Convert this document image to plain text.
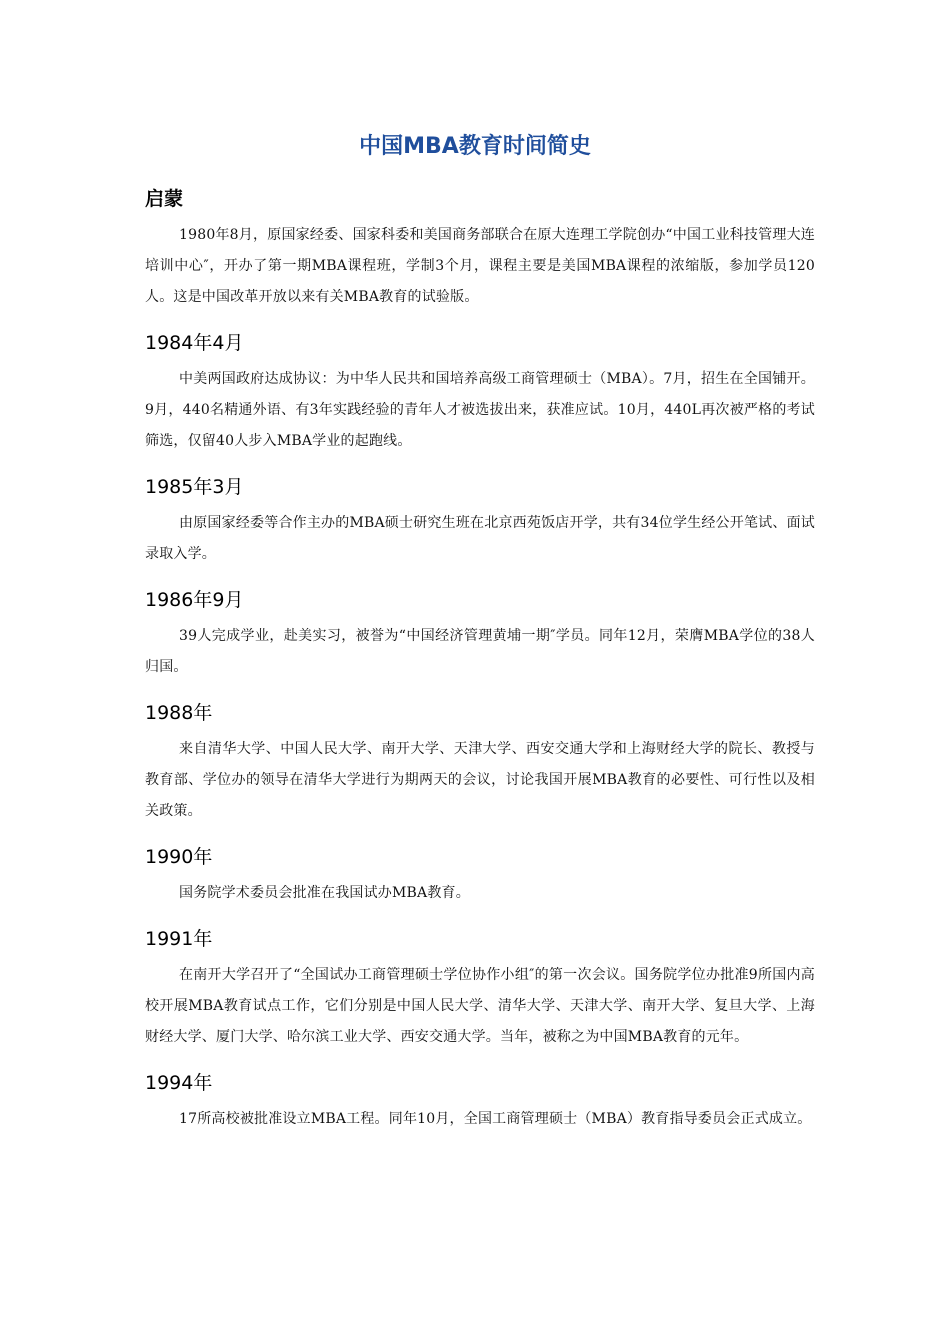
中国MBA教育时间简史
启蒙

1980年8月，原国家经委、国家科委和美国商务部联合在原大连理工学院创办“中国工业科技管理大连培训中心″，开办了第一期MBA课程班，学制3个月，课程主要是美国MBA课程的浓缩版，参加学员120人。这是中国改革开放以来有关MBA教育的试验版。

1984年4月

中美两国政府达成协议：为中华人民共和国培养高级工商管理硕士（MBA）。7月，招生在全国铺开。9月，440名精通外语、有3年实践经验的青年人才被选拔出来，获准应试。10月，440L再次被严格的考试筛选，仅留40人步入MBA学业的起跑线。

1985年3月

由原国家经委等合作主办的MBA硕士研究生班在北京西苑饭店开学，共有34位学生经公开笔试、面试录取入学。

1986年9月

39人完成学业，赴美实习，被誉为“中国经济管理黄埔一期″学员。同年12月，荣膺MBA学位的38人归国。

1988年

来自清华大学、中国人民大学、南开大学、天津大学、西安交通大学和上海财经大学的院长、教授与教育部、学位办的领导在清华大学进行为期两天的会议，讨论我国开展MBA教育的必要性、可行性以及相关政策。

1990年

国务院学术委员会批准在我国试办MBA教育。

1991年

在南开大学召开了“全国试办工商管理硕士学位协作小组″的第一次会议。国务院学位办批准9所国内高校开展MBA教育试点工作，它们分别是中国人民大学、清华大学、天津大学、南开大学、复旦大学、上海财经大学、厦门大学、哈尔滨工业大学、西安交通大学。当年，被称之为中国MBA教育的元年。

1994年

17所高校被批准设立MBA工程。同年10月，全国工商管理硕士（MBA）教育指导委员会正式成立。
